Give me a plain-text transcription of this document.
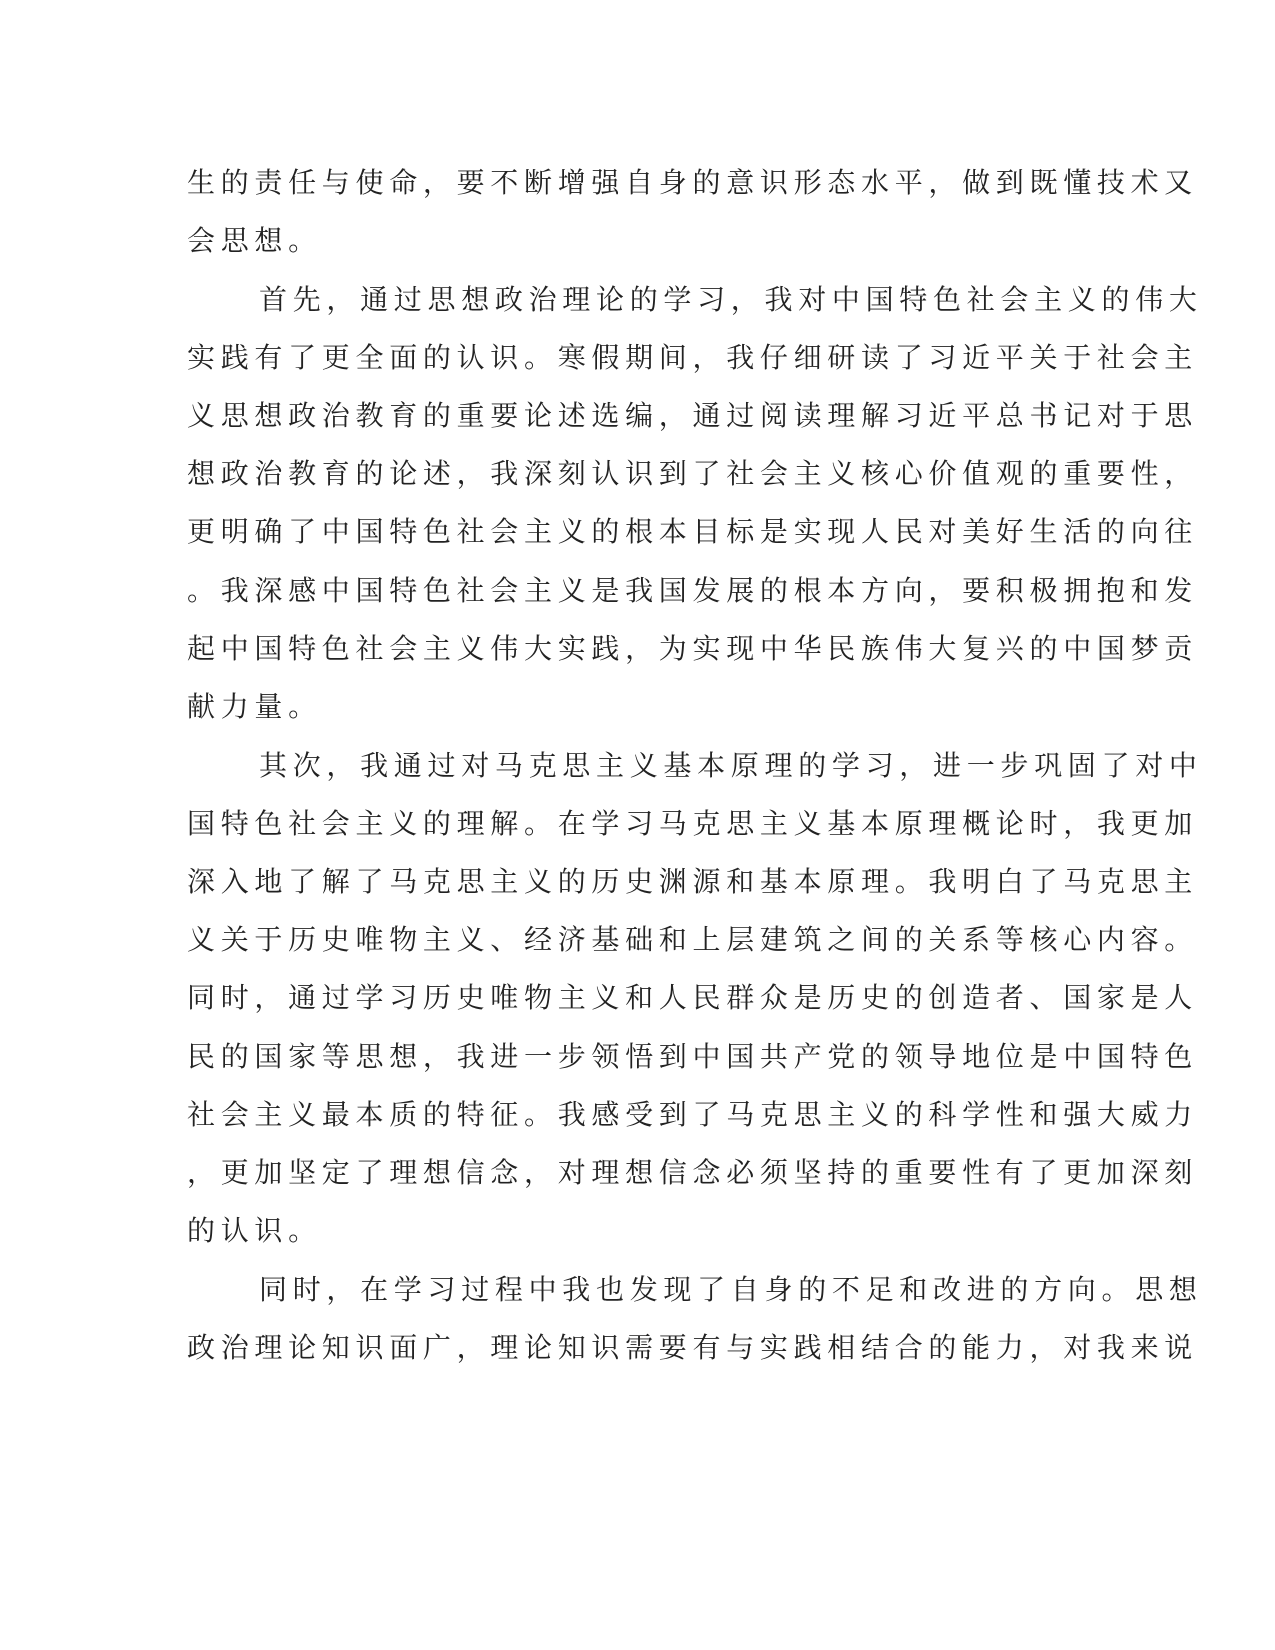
生的责任与使命，要不断增强自身的意识形态水平，做到既懂技术又
会思想。
首先，通过思想政治理论的学习，我对中国特色社会主义的伟大
实践有了更全面的认识。寒假期间，我仔细研读了习近平关于社会主
义思想政治教育的重要论述选编，通过阅读理解习近平总书记对于思
想政治教育的论述，我深刻认识到了社会主义核心价值观的重要性，
更明确了中国特色社会主义的根本目标是实现人民对美好生活的向往
。我深感中国特色社会主义是我国发展的根本方向，要积极拥抱和发
起中国特色社会主义伟大实践，为实现中华民族伟大复兴的中国梦贡
献力量。
其次，我通过对马克思主义基本原理的学习，进一步巩固了对中
国特色社会主义的理解。在学习马克思主义基本原理概论时，我更加
深入地了解了马克思主义的历史渊源和基本原理。我明白了马克思主
义关于历史唯物主义、经济基础和上层建筑之间的关系等核心内容。
同时，通过学习历史唯物主义和人民群众是历史的创造者、国家是人
民的国家等思想，我进一步领悟到中国共产党的领导地位是中国特色
社会主义最本质的特征。我感受到了马克思主义的科学性和强大威力
，更加坚定了理想信念，对理想信念必须坚持的重要性有了更加深刻
的认识。
同时，在学习过程中我也发现了自身的不足和改进的方向。思想
政治理论知识面广，理论知识需要有与实践相结合的能力，对我来说
